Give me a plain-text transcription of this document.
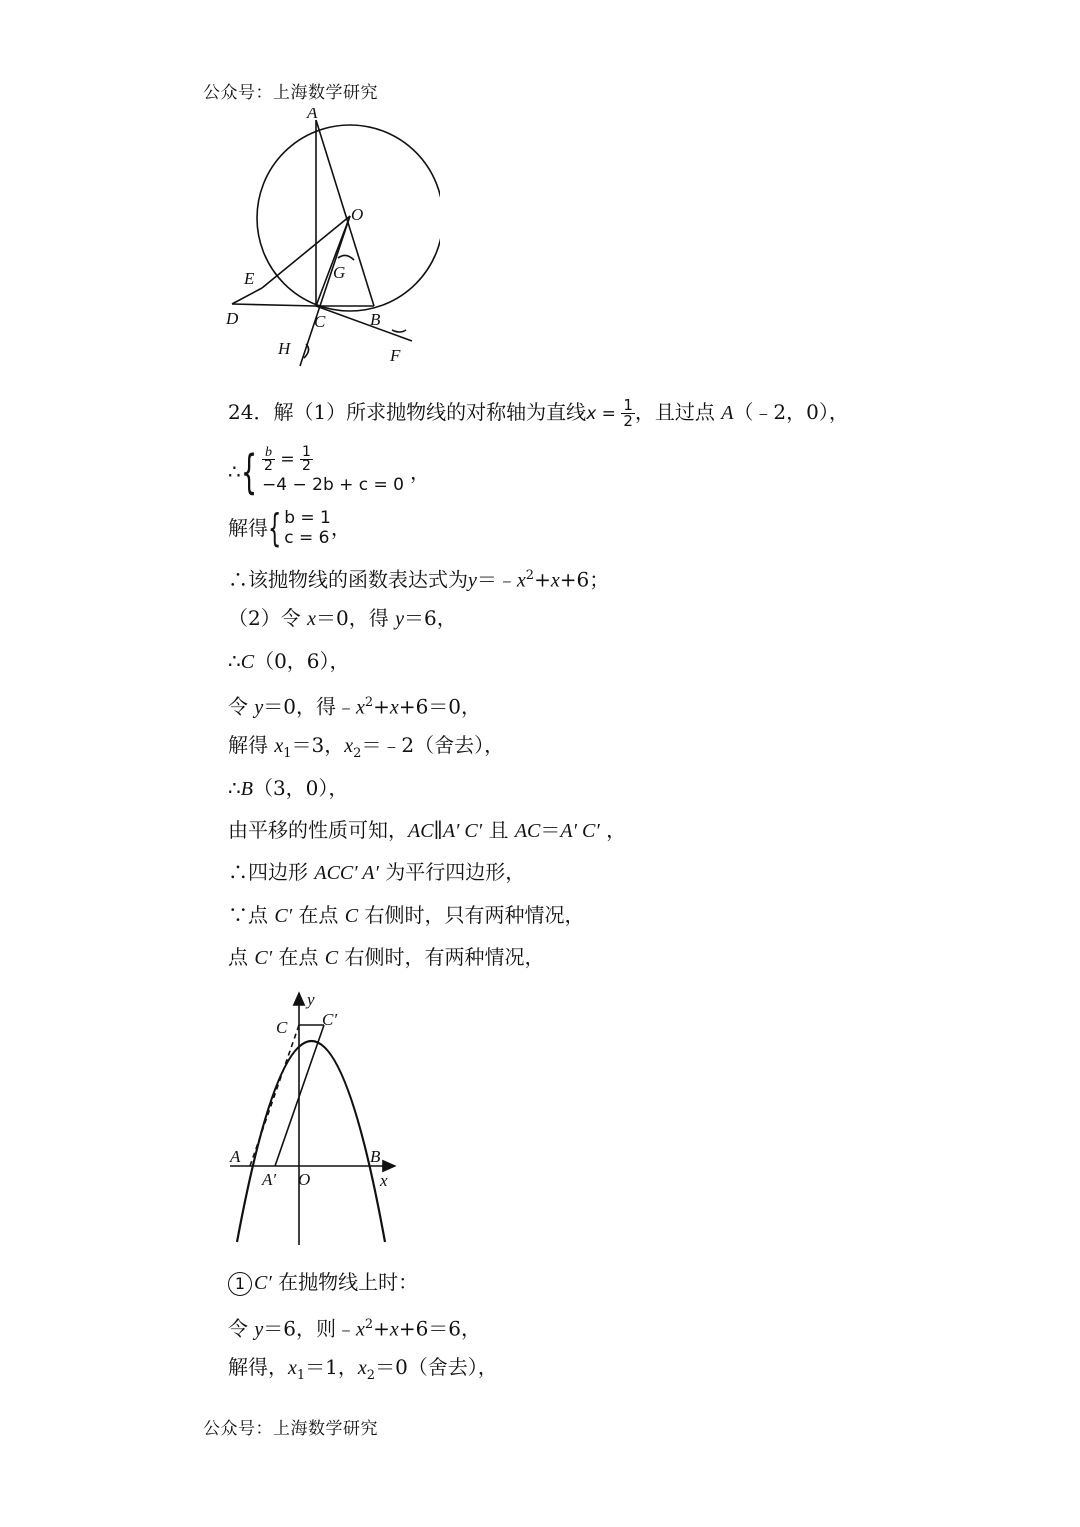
公众号：上海数学研究
A
O
G
E
D	C	B
H	F
24．解（1）所求抛物线的对称轴为直线$x = \frac{1}{2}$ ，且过点 A（﹣2，0），
∴{ $\frac{b}{2} = \frac{1}{2}$
−4 − 2b + c = 0
，
解得{ b = 1
c = 6 ，
∴该抛物线的函数表达式为$y=﹣x^2+x+6$；
（2）令 x＝0，得 y＝6，
∴C（0，6），
令 y＝0，得$﹣x^2+x+6=0$，
解得 $x_1=3$，$x_2=﹣2$（舍去），
∴B（3，0），
由平移的性质可知，AC∥A′ C′ 且 AC＝A′ C′ ，
∴四边形 ACC′ A′ 为平行四边形，
∵点 C′ 在点 C 右侧时，只有两种情况，
点 C′ 在点 C 右侧时，有两种情况，
y
C C′
A
A′ O
B
x
1 C′ 在抛物线上时：
令 y＝6，则$﹣x^2+x+6=6$，
解得，$x_1=1$，$x_2=0$（舍去），
公众号：上海数学研究
